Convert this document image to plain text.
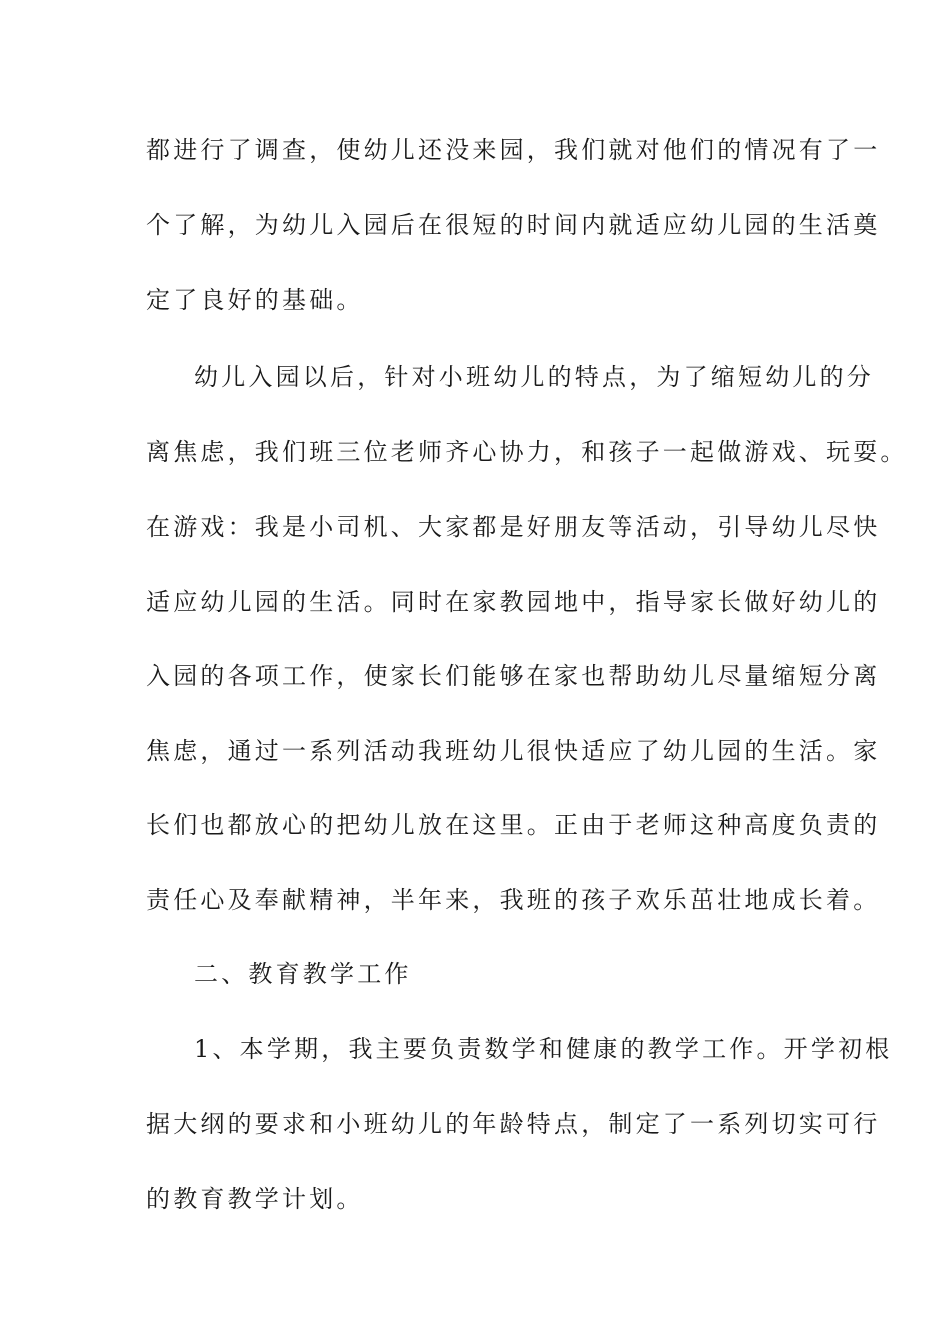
都进行了调查，使幼儿还没来园，我们就对他们的情况有了一
个了解，为幼儿入园后在很短的时间内就适应幼儿园的生活奠
定了良好的基础。
幼儿入园以后，针对小班幼儿的特点，为了缩短幼儿的分
离焦虑，我们班三位老师齐心协力，和孩子一起做游戏、玩耍。
在游戏：我是小司机、大家都是好朋友等活动，引导幼儿尽快
适应幼儿园的生活。同时在家教园地中，指导家长做好幼儿的
入园的各项工作，使家长们能够在家也帮助幼儿尽量缩短分离
焦虑，通过一系列活动我班幼儿很快适应了幼儿园的生活。家
长们也都放心的把幼儿放在这里。正由于老师这种高度负责的
责任心及奉献精神，半年来，我班的孩子欢乐茁壮地成长着。
二、教育教学工作
1、本学期，我主要负责数学和健康的教学工作。开学初根
据大纲的要求和小班幼儿的年龄特点，制定了一系列切实可行
的教育教学计划。
